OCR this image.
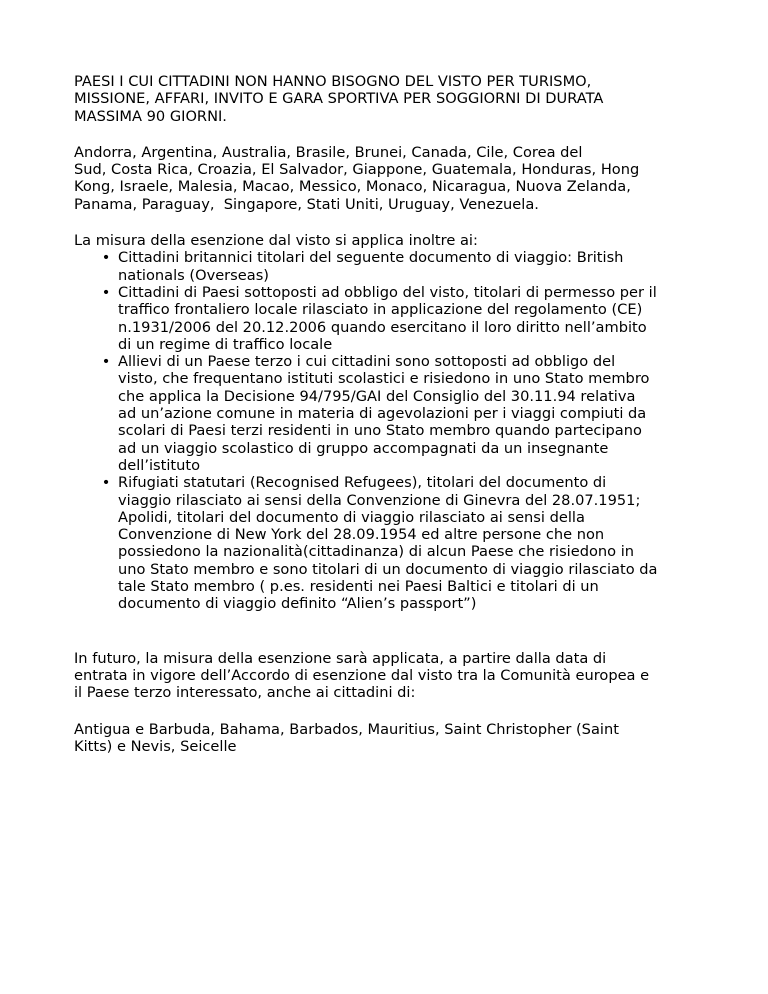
PAESI I CUI CITTADINI NON HANNO BISOGNO DEL VISTO PER TURISMO,
MISSIONE, AFFARI, INVITO E GARA SPORTIVA PER SOGGIORNI DI DURATA
MASSIMA 90 GIORNI.
Andorra, Argentina, Australia, Brasile, Brunei, Canada, Cile, Corea del
Sud, Costa Rica, Croazia, El Salvador, Giappone, Guatemala, Honduras, Hong
Kong, Israele, Malesia, Macao, Messico, Monaco, Nicaragua, Nuova Zelanda,
Panama, Paraguay,  Singapore, Stati Uniti, Uruguay, Venezuela.
La misura della esenzione dal visto si applica inoltre ai:
• Cittadini britannici titolari del seguente documento di viaggio: British
nationals (Overseas)
• Cittadini di Paesi sottoposti ad obbligo del visto, titolari di permesso per il
traffico frontaliero locale rilasciato in applicazione del regolamento (CE)
n.1931/2006 del 20.12.2006 quando esercitano il loro diritto nell’ambito
di un regime di traffico locale
• Allievi di un Paese terzo i cui cittadini sono sottoposti ad obbligo del
visto, che frequentano istituti scolastici e risiedono in uno Stato membro
che applica la Decisione 94/795/GAI del Consiglio del 30.11.94 relativa
ad un’azione comune in materia di agevolazioni per i viaggi compiuti da
scolari di Paesi terzi residenti in uno Stato membro quando partecipano
ad un viaggio scolastico di gruppo accompagnati da un insegnante
dell’istituto
• Rifugiati statutari (Recognised Refugees), titolari del documento di
viaggio rilasciato ai sensi della Convenzione di Ginevra del 28.07.1951;
Apolidi, titolari del documento di viaggio rilasciato ai sensi della
Convenzione di New York del 28.09.1954 ed altre persone che non
possiedono la nazionalità(cittadinanza) di alcun Paese che risiedono in
uno Stato membro e sono titolari di un documento di viaggio rilasciato da
tale Stato membro ( p.es. residenti nei Paesi Baltici e titolari di un
documento di viaggio definito “Alien’s passport”)
In futuro, la misura della esenzione sarà applicata, a partire dalla data di
entrata in vigore dell’Accordo di esenzione dal visto tra la Comunità europea e
il Paese terzo interessato, anche ai cittadini di:
Antigua e Barbuda, Bahama, Barbados, Mauritius, Saint Christopher (Saint
Kitts) e Nevis, Seicelle
